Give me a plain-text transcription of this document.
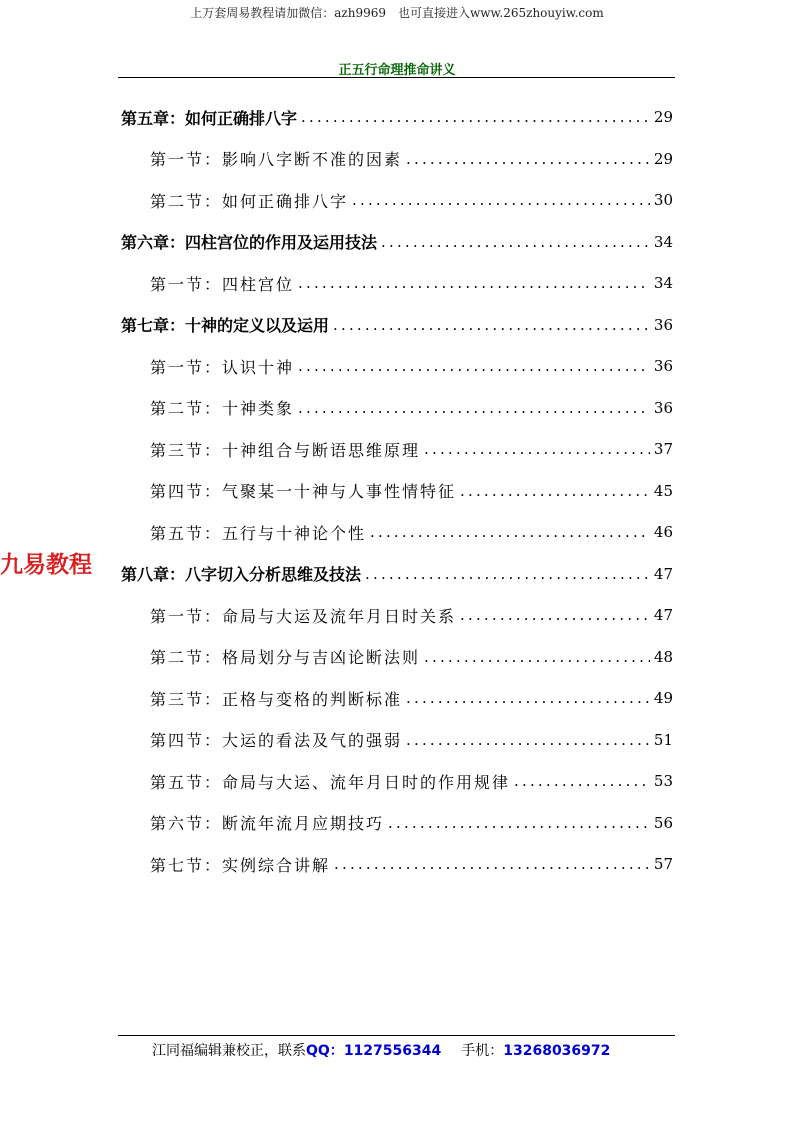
上万套周易教程请加微信：azh9969　也可直接进入www.265zhouyiw.com
正五行命理推命讲义
第五章：如何正确排八字 .....	29
第一节：影响八字断不准的因素 .....	29
第二节：如何正确排八字 .....	30
第六章：四柱宫位的作用及运用技法 .....	34
第一节：四柱宫位 .....	34
第七章：十神的定义以及运用 .....	36
第一节：认识十神 .....	36
第二节：十神类象 .....	36
第三节：十神组合与断语思维原理 .....	37
第四节：气聚某一十神与人事性情特征 .....	45
第五节：五行与十神论个性 .....	46
第八章：八字切入分析思维及技法 .....	47
第一节：命局与大运及流年月日时关系 .....	47
第二节：格局划分与吉凶论断法则 .....	48
第三节：正格与变格的判断标准 .....	49
第四节：大运的看法及气的强弱 .....	51
第五节：命局与大运、流年月日时的作用规律 .....	53
第六节：断流年流月应期技巧 .....	56
第七节：实例综合讲解 .....	57
九易教程
江同福编辑兼校正，联系QQ：1127556344 手机：13268036972
